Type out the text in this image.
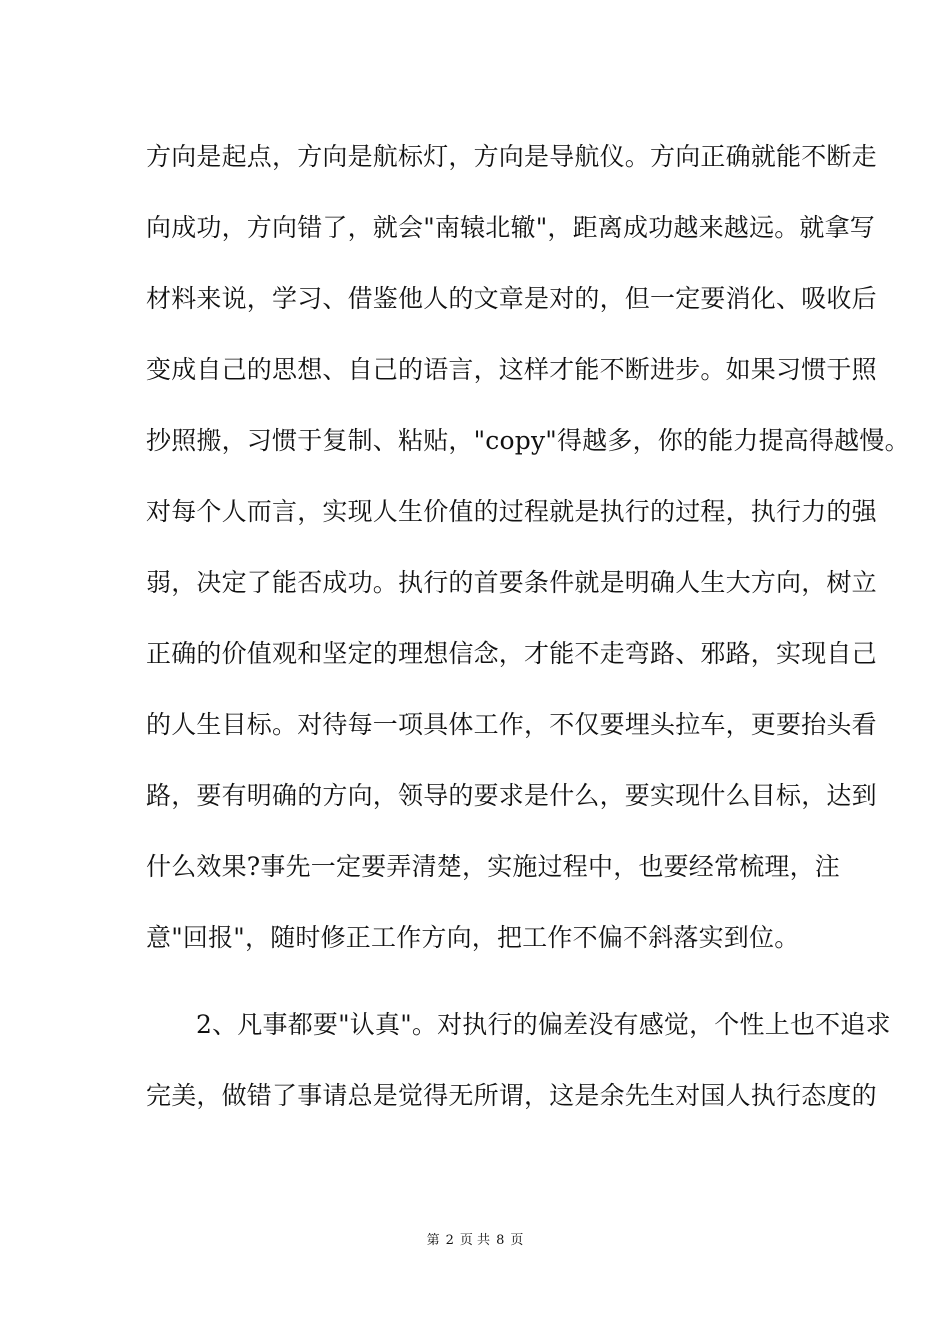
方向是起点，方向是航标灯，方向是导航仪。方向正确就能不断走
向成功，方向错了，就会"南辕北辙"，距离成功越来越远。就拿写
材料来说，学习、借鉴他人的文章是对的，但一定要消化、吸收后
变成自己的思想、自己的语言，这样才能不断进步。如果习惯于照
抄照搬，习惯于复制、粘贴，"copy"得越多，你的能力提高得越慢。
对每个人而言，实现人生价值的过程就是执行的过程，执行力的强
弱，决定了能否成功。执行的首要条件就是明确人生大方向，树立
正确的价值观和坚定的理想信念，才能不走弯路、邪路，实现自己
的人生目标。对待每一项具体工作，不仅要埋头拉车，更要抬头看
路，要有明确的方向，领导的要求是什么，要实现什么目标，达到
什么效果?事先一定要弄清楚，实施过程中，也要经常梳理，注
意"回报"，随时修正工作方向，把工作不偏不斜落实到位。
2、凡事都要"认真"。对执行的偏差没有感觉，个性上也不追求
完美，做错了事请总是觉得无所谓，这是余先生对国人执行态度的
第 2 页 共 8 页
